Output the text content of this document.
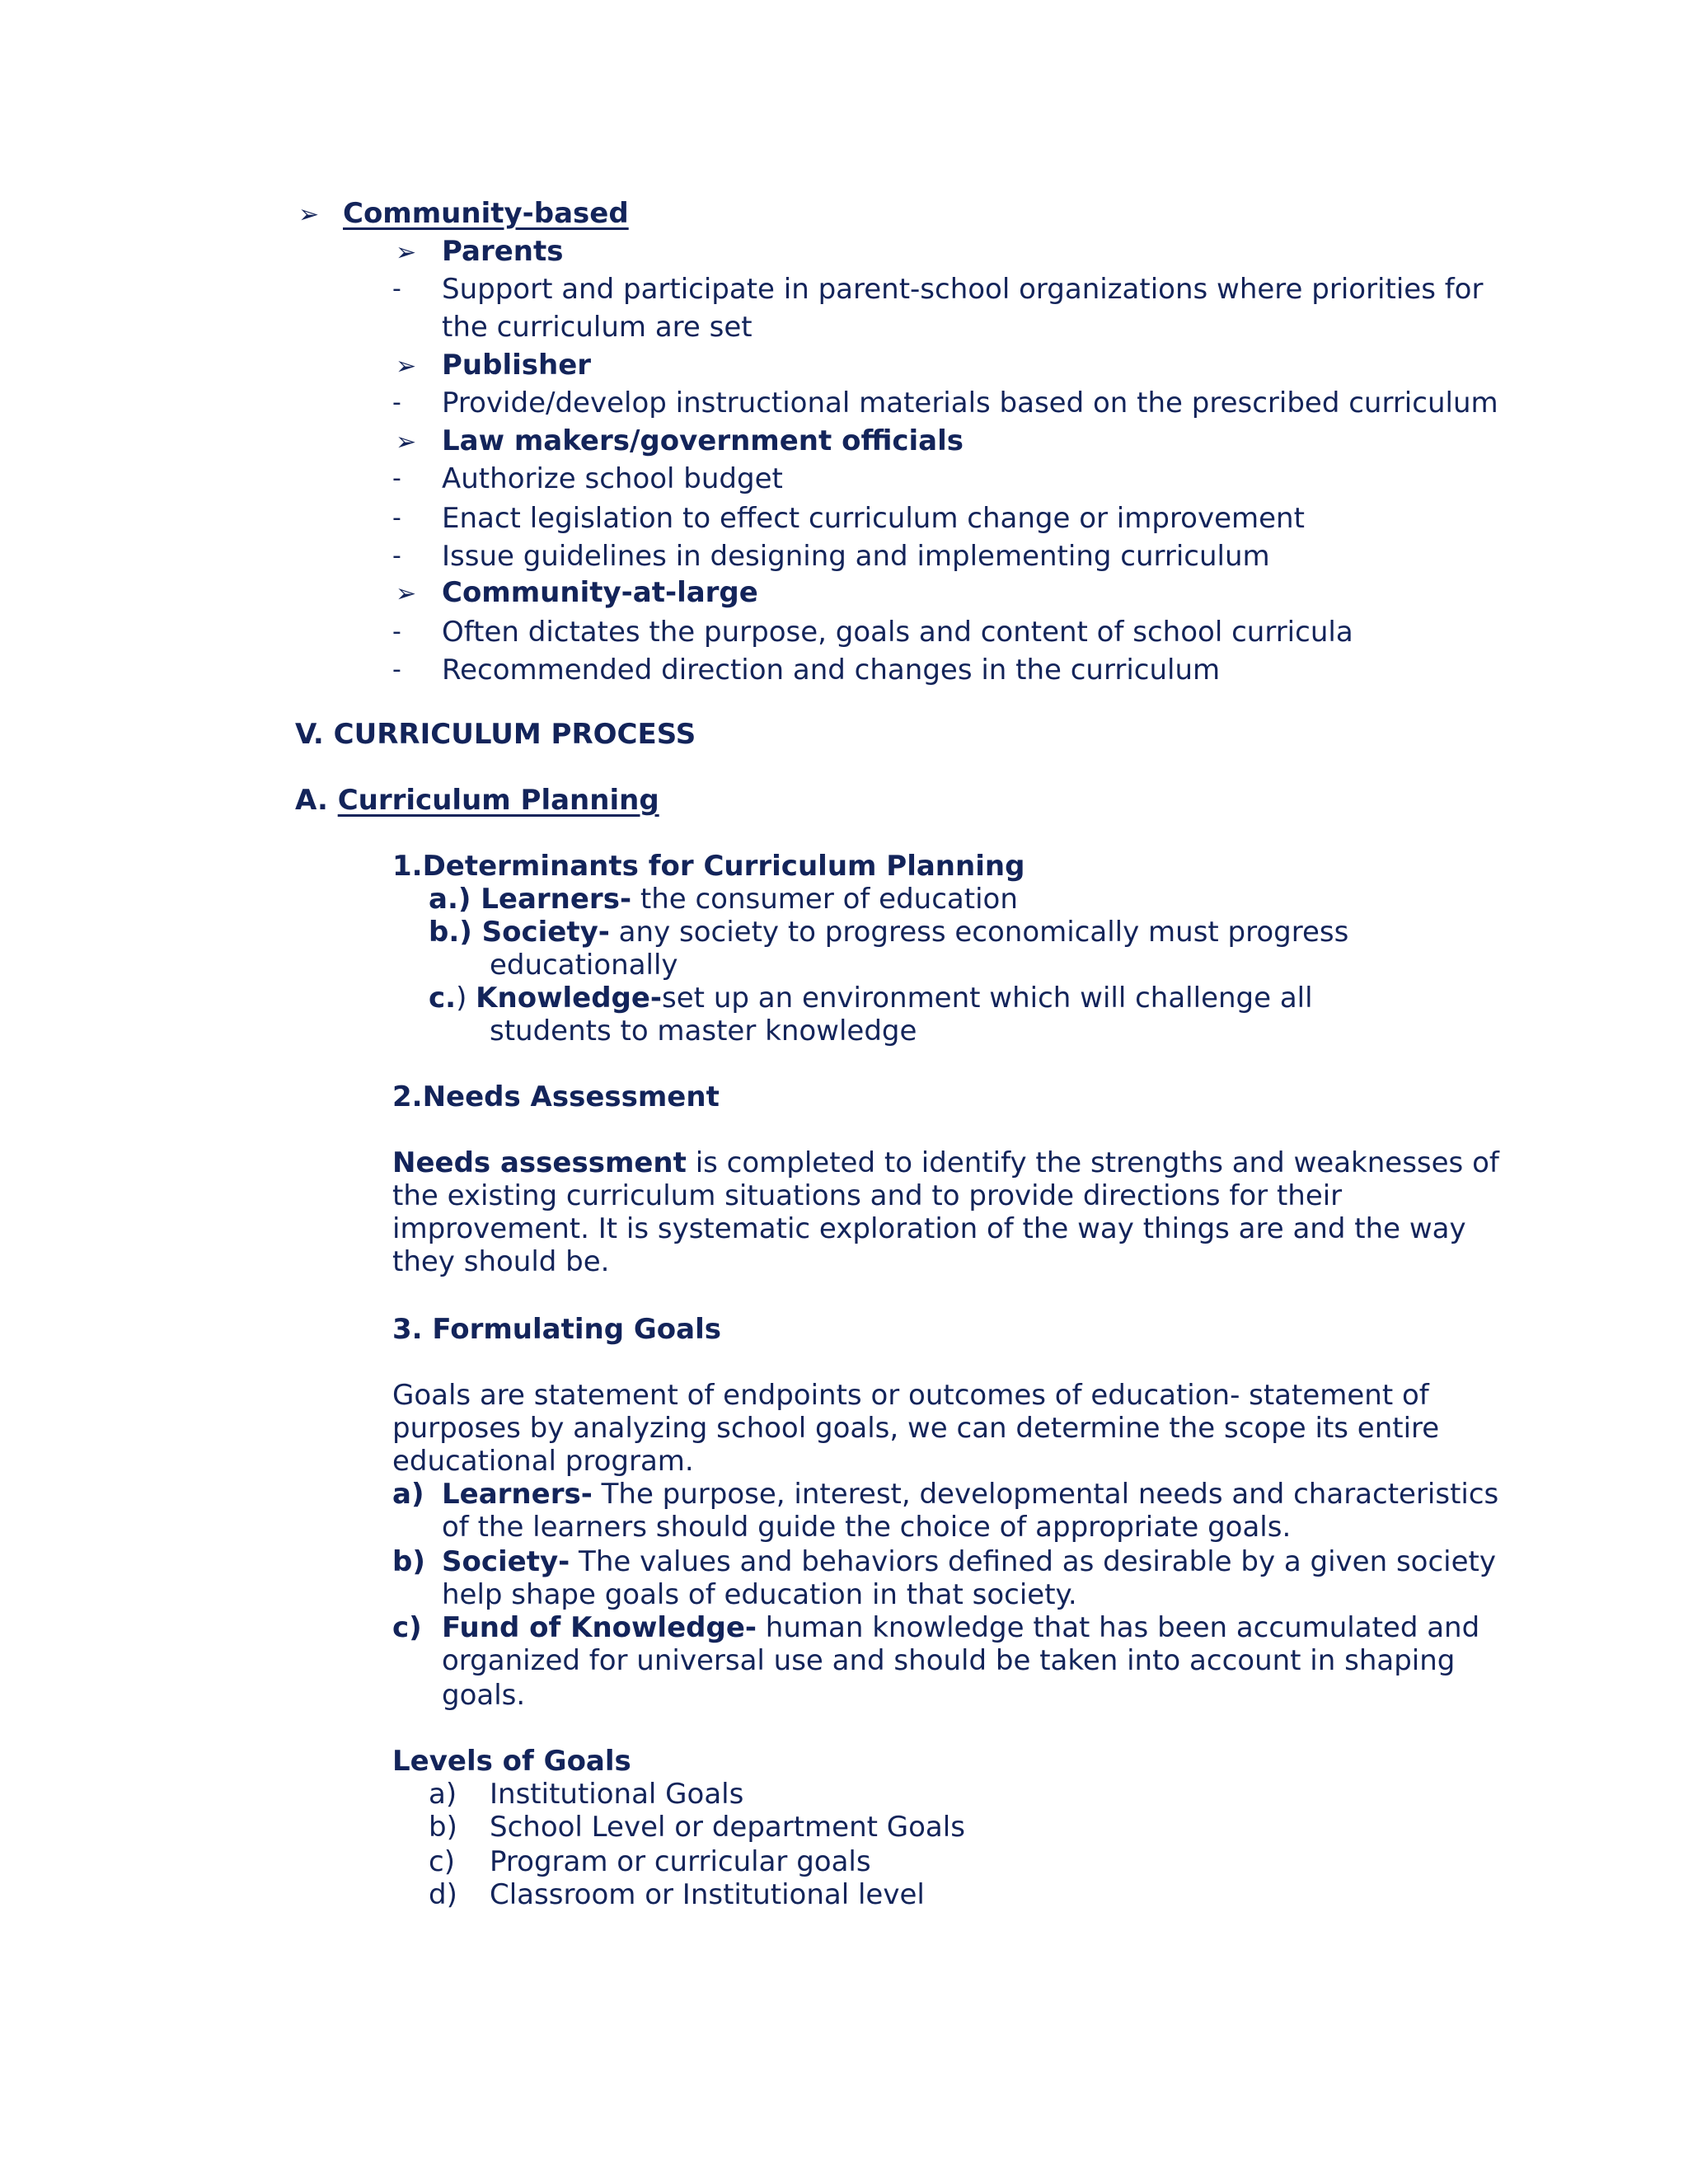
➢ Community-based
➢ Parents
- Support and participate in parent-school organizations where priorities for
the curriculum are set
➢ Publisher
- Provide/develop instructional materials based on the prescribed curriculum
➢ Law makers/government officials
- Authorize school budget
- Enact legislation to effect curriculum change or improvement
- Issue guidelines in designing and implementing curriculum
➢ Community-at-large
- Often dictates the purpose, goals and content of school curricula
- Recommended direction and changes in the curriculum
V. CURRICULUM PROCESS
A. Curriculum Planning
1.Determinants for Curriculum Planning
a.) Learners- the consumer of education
b.) Society- any society to progress economically must progress
educationally
c.) Knowledge-set up an environment which will challenge all
students to master knowledge
2.Needs Assessment
Needs assessment is completed to identify the strengths and weaknesses of
the existing curriculum situations and to provide directions for their
improvement. It is systematic exploration of the way things are and the way
they should be.
3. Formulating Goals
Goals are statement of endpoints or outcomes of education- statement of
purposes by analyzing school goals, we can determine the scope its entire
educational program.
a) Learners- The purpose, interest, developmental needs and characteristics
of the learners should guide the choice of appropriate goals.
b) Society- The values and behaviors defined as desirable by a given society
help shape goals of education in that society.
c) Fund of Knowledge- human knowledge that has been accumulated and
organized for universal use and should be taken into account in shaping
goals.
Levels of Goals
a) Institutional Goals
b) School Level or department Goals
c) Program or curricular goals
d) Classroom or Institutional level
